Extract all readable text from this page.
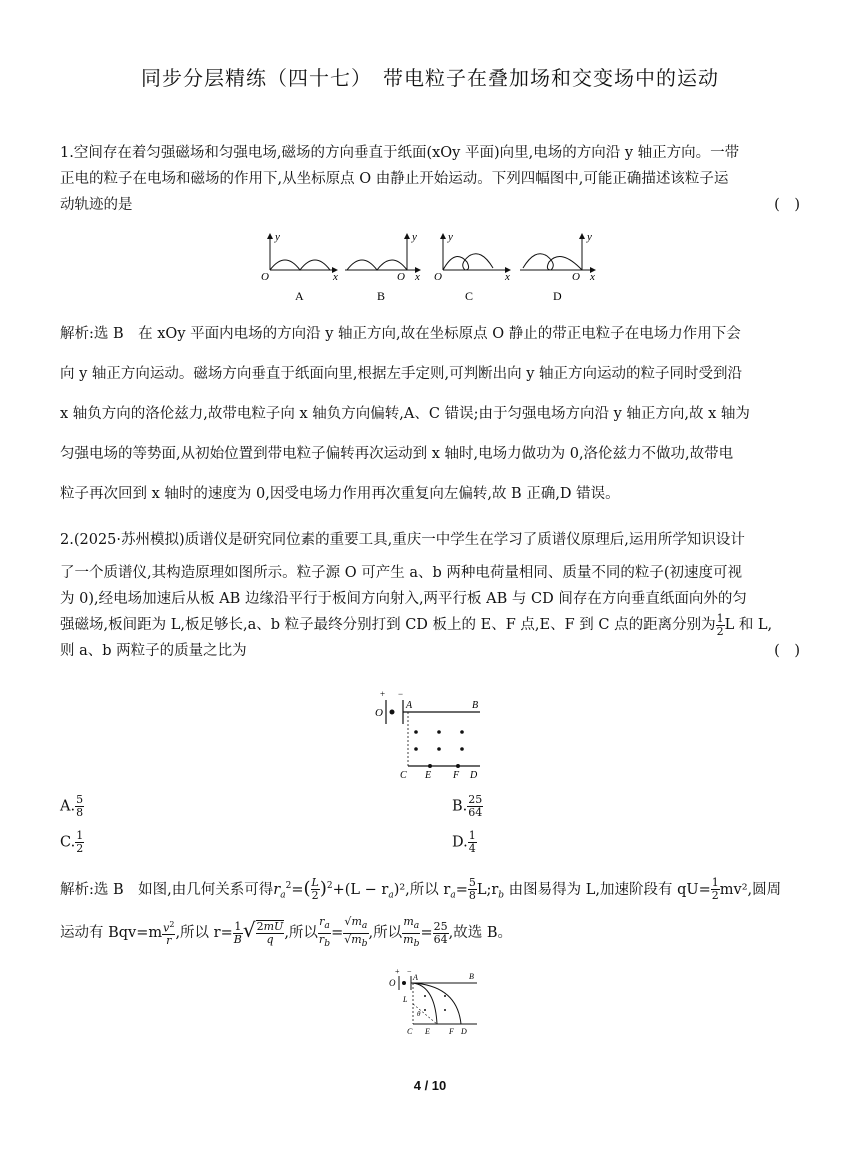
同步分层精练（四十七）　带电粒子在叠加场和交变场中的运动
1.空间存在着匀强磁场和匀强电场,磁场的方向垂直于纸面(xOy 平面)向里,电场的方向沿 y 轴正方向。一带
正电的粒子在电场和磁场的作用下,从坐标原点 O 由静止开始运动。下列四幅图中,可能正确描述该粒子运
动轨迹的是	(　)
y
x
O
A
y
x
O
B
y
x
O
C
y
x
O
D
解析:选 B　在 xOy 平面内电场的方向沿 y 轴正方向,故在坐标原点 O 静止的带正电粒子在电场力作用下会
向 y 轴正方向运动。磁场方向垂直于纸面向里,根据左手定则,可判断出向 y 轴正方向运动的粒子同时受到沿
x 轴负方向的洛伦兹力,故带电粒子向 x 轴负方向偏转,A、C 错误;由于匀强电场方向沿 y 轴正方向,故 x 轴为
匀强电场的等势面,从初始位置到带电粒子偏转再次运动到 x 轴时,电场力做功为 0,洛伦兹力不做功,故带电
粒子再次回到 x 轴时的速度为 0,因受电场力作用再次重复向左偏转,故 B 正确,D 错误。
2.(2025·苏州模拟)质谱仪是研究同位素的重要工具,重庆一中学生在学习了质谱仪原理后,运用所学知识设计
了一个质谱仪,其构造原理如图所示。粒子源 O 可产生 a、b 两种电荷量相同、质量不同的粒子(初速度可视
为 0),经电场加速后从板 AB 边缘沿平行于板间方向射入,两平行板 AB 与 CD 间存在方向垂直纸面向外的匀
强磁场,板间距为 L,板足够长,a、b 粒子最终分别打到 CD 板上的 E、F 点,E、F 到 C 点的距离分别为 $\frac{1}{2}$ L 和 L,
则 a、b 两粒子的质量之比为	(　)
+ −
O
A	B
C E F D
A. $\frac{5}{8}$	B. $\frac{25}{64}$
C. $\frac{1}{2}$	D. $\frac{1}{4}$
解析:选 B　如图,由几何关系可得$r_a^2=( \frac{L}{2} )^2+(L - r_a)^2$,所以 $r_a= \frac{5}{8}$ $L;r_b$ 由图易得为 L,加速阶段有 $qU= \frac{1}{2} mv^2$,圆周
运动有 $Bqv=m \frac{v^2}{r}$ ,所以 $r= \frac{1}{B}$ √ $\frac{2mU}{q}$ ,所以 $\frac{r_a}{r_b} = \frac{√m_a}{√m_b}$ ,所以 $\frac{m_a}{m_b} = \frac{25}{64}$ ,故选 B。
+ −
O
A	B
L
θ
C E F D
4 / 10
